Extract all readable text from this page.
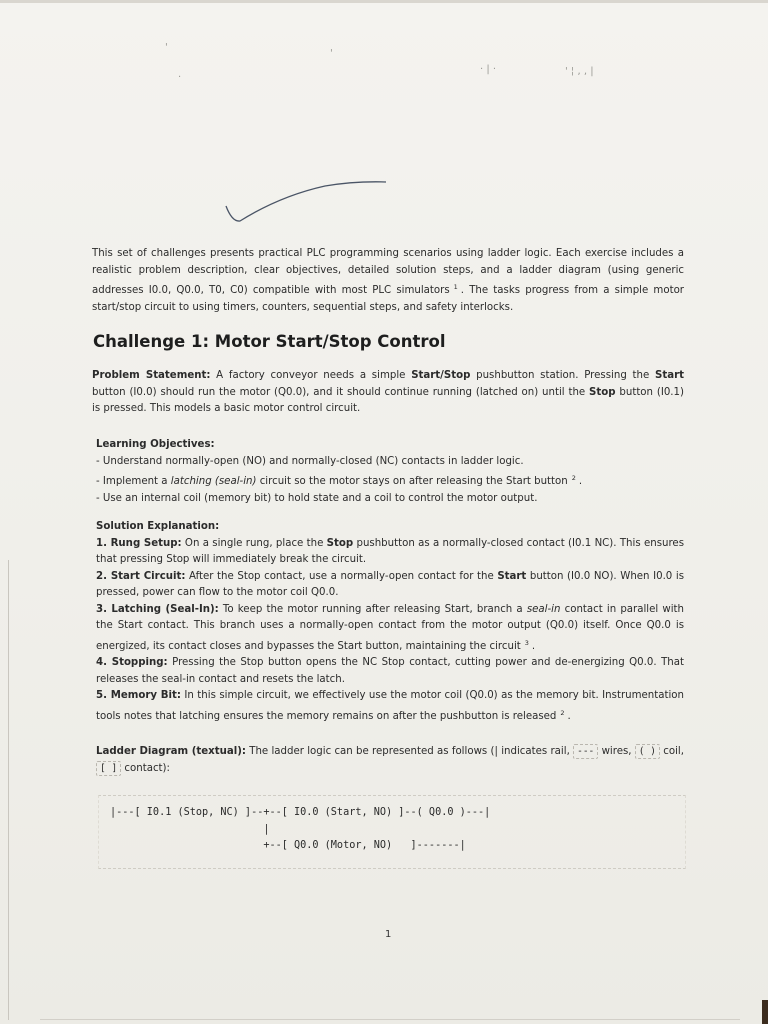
'
'
· | ·	' ¦ , , |
·
This set of challenges presents practical PLC programming scenarios using ladder logic. Each exercise includes a realistic problem description, clear objectives, detailed solution steps, and a ladder diagram (using generic addresses I0.0, Q0.0, T0, C0) compatible with most PLC simulators $^1$ . The tasks progress from a simple motor start/stop circuit to using timers, counters, sequential steps, and safety interlocks.
Challenge 1: Motor Start/Stop Control
Problem Statement: A factory conveyor needs a simple Start/Stop pushbutton station. Pressing the Start button (I0.0) should run the motor (Q0.0), and it should continue running (latched on) until the Stop button (I0.1) is pressed. This models a basic motor control circuit.
Learning Objectives:
- Understand normally-open (NO) and normally-closed (NC) contacts in ladder logic.
- Implement a latching (seal-in) circuit so the motor stays on after releasing the Start button $^2$ .
- Use an internal coil (memory bit) to hold state and a coil to control the motor output.
Solution Explanation:
1. Rung Setup: On a single rung, place the Stop pushbutton as a normally-closed contact (I0.1 NC). This ensures that pressing Stop will immediately break the circuit.
2. Start Circuit: After the Stop contact, use a normally-open contact for the Start button (I0.0 NO). When I0.0 is pressed, power can flow to the motor coil Q0.0.
3. Latching (Seal-In): To keep the motor running after releasing Start, branch a seal-in contact in parallel with the Start contact. This branch uses a normally-open contact from the motor output (Q0.0) itself. Once Q0.0 is energized, its contact closes and bypasses the Start button, maintaining the circuit $^3$ .
4. Stopping: Pressing the Stop button opens the NC Stop contact, cutting power and de-energizing Q0.0. That releases the seal-in contact and resets the latch.
5. Memory Bit: In this simple circuit, we effectively use the motor coil (Q0.0) as the memory bit. Instrumentation tools notes that latching ensures the memory remains on after the pushbutton is released $^2$ .
Ladder Diagram (textual): The ladder logic can be represented as follows (| indicates rail, --- wires, ( ) coil, [ ] contact):
|---[ I0.1 (Stop, NC) ]--+--[ I0.0 (Start, NO) ]--( Q0.0 )---|
|
+--[ Q0.0 (Motor, NO)   ]-------|
1
